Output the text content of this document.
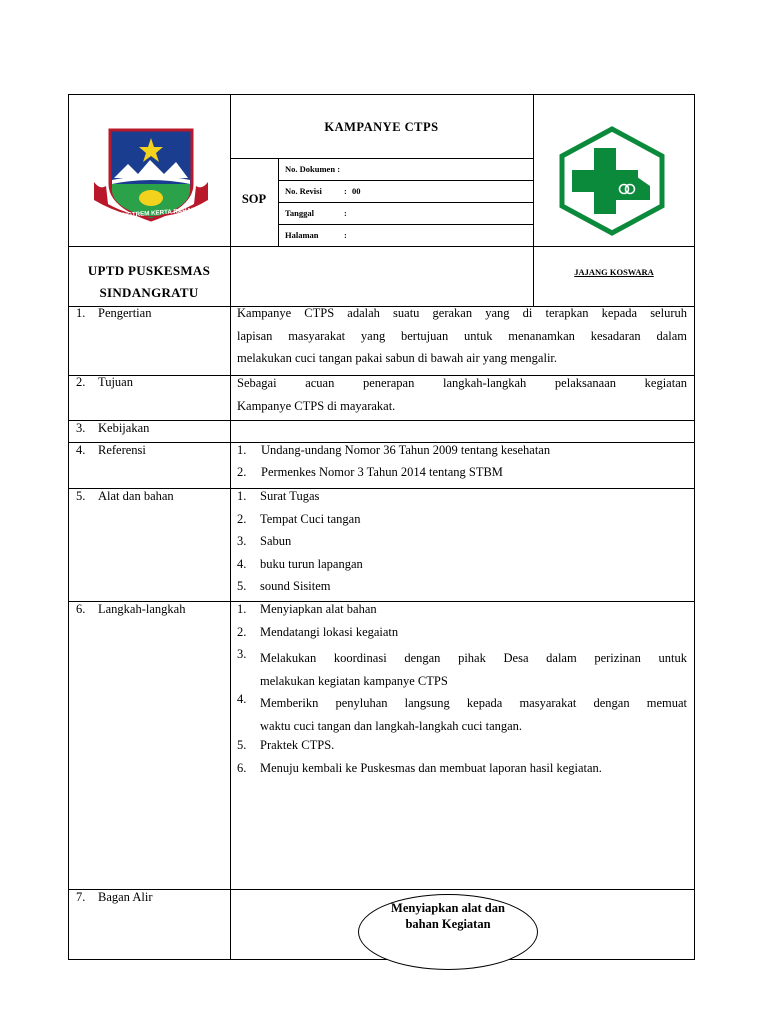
TATA TENGTREM KERTA RAHARJA
KAMPANYE CTPS
SOP
No. Dokumen :
No. Revisi	: 00
Tanggal	:
Halaman	:
UPTD PUSKESMAS
SINDANGRATU
JAJANG KOSWARA
1. Pengertian	Kampanye CTPS adalah suatu gerakan yang di terapkan kepada seluruh
lapisan masyarakat yang bertujuan untuk menanamkan kesadaran dalam
melakukan cuci tangan pakai sabun di bawah air yang mengalir.
2. Tujuan	Sebagai acuan penerapan langkah-langkah pelaksanaan kegiatan
Kampanye CTPS di mayarakat.
3. Kebijakan
4. Referensi	1. Undang-undang Nomor 36 Tahun 2009 tentang kesehatan
2. Permenkes Nomor 3 Tahun 2014 tentang STBM
5. Alat dan bahan	1. Surat Tugas
2. Tempat Cuci tangan
3. Sabun
4. buku turun lapangan
5. sound Sisitem
6. Langkah-langkah	1. Menyiapkan alat bahan
2. Mendatangi lokasi kegaiatn
3. Melakukan koordinasi dengan pihak Desa dalam perizinan untuk
melakukan kegiatan kampanye CTPS
4. Memberikn penyluhan langsung kepada masyarakat dengan memuat
waktu cuci tangan dan langkah-langkah cuci tangan.
5. Praktek CTPS.
6. Menuju kembali ke Puskesmas dan membuat laporan hasil kegiatan.
7. Bagan Alir
Menyiapkan alat dan
bahan Kegiatan
